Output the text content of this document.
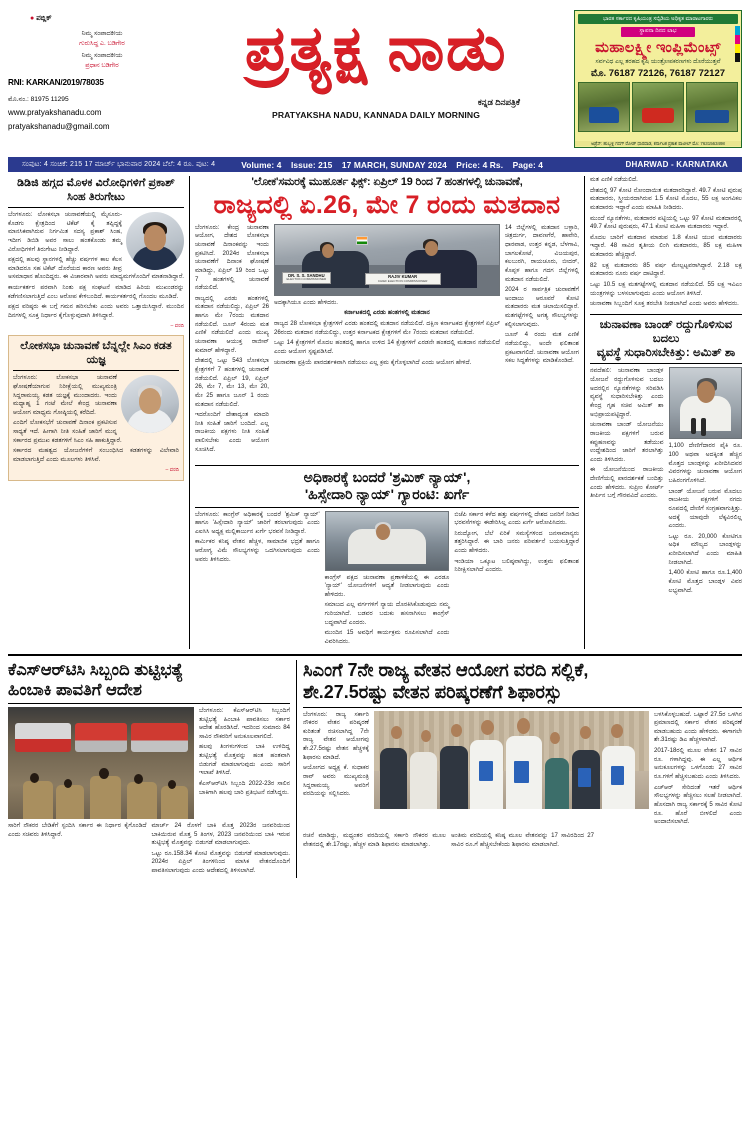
● ಪಬ್ಲಿಕ್
ನಿಮ್ಮ ಸಂಪಾದಕೀಯ
ಗುರುಸಿದ್ಧ ಎ. ಬಡಿಗೇರ
ನಿಮ್ಮ ಸಂಪಾದಕೀಯ
ಪ್ರಧಾನ ಬಡಿಗೇರ
RNI: KARKAN/2019/78035
ಮೊ.ನಂ.: 81975 11295
www.pratyakshanadu.com
pratyakshanadu@gmail.com
ಪ್ರತ್ಯಕ್ಷ ನಾಡು
ಕನ್ನಡ ದಿನಪತ್ರಿಕೆ
PRATYAKSHA NADU, KANNADA DAILY MORNING
ಭಾರತ ಸರ್ಕಾರದ ಕೃಷಿಯಂತ್ರ ಸಬ್ಸಿಡಿಯ ಅಧಿಕೃತ ಮಾರಾಟಗಾರರು
ಸ್ಥಾಪನಾ ದಿನದ ಲಾಭ
ಮಹಾಲಕ್ಷ್ಮೀ ಇಂಪ್ಲಿಮೆಂಟ್ಸ್
ಸರ್ವವಿಧ ಎಲ್ಲ ತರಹದ ಕೃಷಿ ಯಂತ್ರೋಪಕರಣಗಳು ದೊರೆಯುತ್ತವೆ
ಮೊ. 76187 72126, 76187 72127
ಅಡ್ರೆಸ್: ಹುಬ್ಬಳ್ಳಿ ಗದಗ್ ರೋಡ್ ಧಾರವಾಡ, ಕರ್ನಾಟಕ ಪ್ರಕಾಶ ಪಾಟೀಲ್ ಮೊ: 7631563498
ಸಂಪುಟ: 4 ಸಂಚಿಕೆ: 215 17 ಮಾರ್ಚ್ ಭಾನುವಾರ 2024 ಬೆಲೆ: 4 ರೂ. ಪುಟ: 4	Volume: 4 Issue: 215 17 MARCH, SUNDAY 2024 Price: 4 Rs. Page: 4	DHARWAD - KARNATAKA
ಡಿಡಿಜಿ ಹಗ್ಗದ ಮೊಳಕ ವಿರೋಧಿಗಳಿಗೆ ಪ್ರಕಾಶ್ ಸಿಂಹ ತಿರುಗೇಟು

ಬೆಂಗಳೂರು: ಲೋಕಸಭಾ ಚುನಾವಣೆಯಲ್ಲಿ ಮೈಸೂರು-ಕೊಡಗು ಕ್ಷೇತ್ರದಿಂದ ಟಿಕೆಟ್ ಕೈ ತಪ್ಪಿದ್ದಕ್ಕೆ ಮಾನಸಿಕವಾಗಿರುವ ನಿರ್ಗಮಿತ ಸದಸ್ಯ ಪ್ರಕಾಶ್ ಸಿಂಹ, ಇದೀಗ ಡಿಬಿಡಿ ಅವರ ಸಾಲು ಹಂತಕೊಂಡು ತಮ್ಮ ವಿರೋಧಿಗಳಿಗೆ ತಿರುಗೇಟು ನೀಡಿದ್ದಾರೆ.

ಪಕ್ಷದಲ್ಲಿ ಹಲವು ಸ್ಥಾನಗಳಲ್ಲಿ ಹೆಚ್ಚು ವರ್ಷಗಳ ಕಾಲ ಕೆಲಸ ಮಾಡಿದರೂ ಸಹ ಟಿಕೆಟ್ ದೊರೆಯದ ಕಾರಣ ಅವರು ತೀವ್ರ ಅಸಮಾಧಾನ ಹೊಂದಿದ್ದರು. ಈ ವಿಚಾರವಾಗಿ ಅವರು ಮಾಧ್ಯಮಗಳೊಂದಿಗೆ ಮಾತನಾಡಿದ್ದಾರೆ.

ಕಾರ್ಯಕರ್ತರ ಪರವಾಗಿ ನಿಂತು ಪಕ್ಷ ಸಂಘಟನೆ ಮಾಡಿದ ಹಿರಿಯ ಮುಖಂಡರನ್ನು ಕಡೆಗಣಿಸಲಾಗುತ್ತಿದೆ ಎಂಬ ಆರೋಪ ಕೇಳಿಬಂದಿದೆ. ಕಾರ್ಯಕರ್ತರಲ್ಲಿ ಗೊಂದಲ ಮೂಡಿದೆ.

ಪಕ್ಷದ ವರಿಷ್ಠರು ಈ ಬಗ್ಗೆ ಗಮನ ಹರಿಸಬೇಕು ಎಂದು ಅವರು ಒತ್ತಾಯಿಸಿದ್ದಾರೆ. ಮುಂದಿನ ದಿನಗಳಲ್ಲಿ ಸೂಕ್ತ ನಿರ್ಧಾರ ಕೈಗೊಳ್ಳುವುದಾಗಿ ತಿಳಿಸಿದ್ದಾರೆ.

– ವರದಿ

ಲೋಕಸಭಾ ಚುನಾವಣೆ ಬೆನ್ನಲ್ಲೇ ಸಿಎಂ ಕಡತ ಯಜ್ಞ

ಬೆಂಗಳೂರು: ಲೋಕಸಭಾ ಚುನಾವಣೆ ಘೋಷಣೆಯಾಗುವ ನಿರೀಕ್ಷೆಯಲ್ಲಿ ಮುಖ್ಯಮಂತ್ರಿ ಸಿದ್ದರಾಮಯ್ಯ ಕಡತ ಯಜ್ಞಕ್ಕೆ ಮುಂದಾದರು. ಇಂದು ಮಧ್ಯಾಹ್ನ 1 ಗಂಟೆ ಮೇಲೆ ಕೇಂದ್ರ ಚುನಾವಣಾ ಆಯೋಗ ಮಾಧ್ಯಮ ಗೋಷ್ಠಿಯಲ್ಲಿ ಕರೆದಿದೆ.

ಎಂದಿಗೆ ಲೋಕಸಭೆಗೆ ಚುನಾವಣೆ ದಿನಾಂಕ ಪ್ರಕಟಿಸುವ ಸಾಧ್ಯತೆ ಇದೆ. ಹೀಗಾಗಿ ನೀತಿ ಸಂಹಿತೆ ಜಾರಿಗೆ ಮುನ್ನ ಸರ್ಕಾರದ ಪ್ರಮುಖ ಕಡತಗಳಿಗೆ ಸಿಎಂ ಸಹಿ ಹಾಕುತ್ತಿದ್ದಾರೆ.

ಸರ್ಕಾರದ ಮಹತ್ವದ ಯೋಜನೆಗಳಿಗೆ ಸಂಬಂಧಿಸಿದ ಕಡತಗಳನ್ನು ವಿಲೇವಾರಿ ಮಾಡಲಾಗುತ್ತಿದೆ ಎಂದು ಮೂಲಗಳು ತಿಳಿಸಿವೆ.

– ವರದಿ

'ಲೋಕ'ಸಮರಕ್ಕೆ ಮುಹೂರ್ತ ಫಿಕ್ಸ್: ಏಪ್ರಿಲ್ 19 ರಿಂದ 7 ಹಂತಗಳಲ್ಲಿ ಚುನಾವಣೆ,
ರಾಜ್ಯದಲ್ಲಿ ಏ.26, ಮೇ 7 ರಂದು ಮತದಾನ

ಬೆಂಗಳೂರು: ಕೇಂದ್ರ ಚುನಾವಣಾ ಆಯೋಗ, ದೇಶದ ಲೋಕಸಭಾ ಚುನಾವಣೆ ದಿನಾಂಕವನ್ನು ಇಂದು ಪ್ರಕಟಿಸಿದೆ. 2024ರ ಲೋಕಸಭಾ ಚುನಾವಣೆಗೆ ದಿನಾಂಕ ಘೋಷಣೆ ಮಾಡಿದ್ದು, ಏಪ್ರಿಲ್ 19 ರಿಂದ ಒಟ್ಟು 7 ಹಂತಗಳಲ್ಲಿ ಚುನಾವಣೆ ನಡೆಯಲಿದೆ.

ರಾಜ್ಯದಲ್ಲಿ ಎರಡು ಹಂತಗಳಲ್ಲಿ ಮತದಾನ ನಡೆಯಲಿದ್ದು, ಏಪ್ರಿಲ್ 26 ಹಾಗೂ ಮೇ 7ರಂದು ಮತದಾನ ನಡೆಯಲಿದೆ. ಜೂನ್ 4ರಂದು ಮತ ಎಣಿಕೆ ನಡೆಯಲಿದೆ ಎಂದು ಮುಖ್ಯ ಚುನಾವಣಾ ಆಯುಕ್ತ ರಾಜೀವ್ ಕುಮಾರ್ ಹೇಳಿದ್ದಾರೆ.

ದೇಶದಲ್ಲಿ ಒಟ್ಟು 543 ಲೋಕಸಭಾ ಕ್ಷೇತ್ರಗಳಿಗೆ 7 ಹಂತಗಳಲ್ಲಿ ಚುನಾವಣೆ ನಡೆಯಲಿದೆ. ಏಪ್ರಿಲ್ 19, ಏಪ್ರಿಲ್ 26, ಮೇ 7, ಮೇ 13, ಮೇ 20, ಮೇ 25 ಹಾಗೂ ಜೂನ್ 1 ರಂದು ಮತದಾನ ನಡೆಯಲಿದೆ.

ಇದರೊಂದಿಗೆ ದೇಶಾದ್ಯಂತ ಮಾದರಿ ನೀತಿ ಸಂಹಿತೆ ಜಾರಿಗೆ ಬಂದಿದೆ. ಎಲ್ಲ ರಾಜಕೀಯ ಪಕ್ಷಗಳು ನೀತಿ ಸಂಹಿತೆ ಪಾಲಿಸಬೇಕು ಎಂದು ಆಯೋಗ ಸೂಚಿಸಿದೆ.

DR. S. S. SANDHU
ELECTION COMMISSIONER
RAJIV KUMAR
CHIEF ELECTION COMMISSIONER

ಅದಕ್ಕಾಗಿಯೂ ಎಂದು ಹೇಳಿದರು.

ಕರ್ನಾಟಕದಲ್ಲಿ ಎರಡು ಹಂತಗಳಲ್ಲಿ ಮತದಾನ

ರಾಜ್ಯದ 28 ಲೋಕಸಭಾ ಕ್ಷೇತ್ರಗಳಿಗೆ ಎರಡು ಹಂತದಲ್ಲಿ ಮತದಾನ ನಡೆಯಲಿದೆ. ದಕ್ಷಿಣ ಕರ್ನಾಟಕದ ಕ್ಷೇತ್ರಗಳಿಗೆ ಏಪ್ರಿಲ್ 26ರಂದು ಮತದಾನ ನಡೆಯಲಿದ್ದು, ಉತ್ತರ ಕರ್ನಾಟಕದ ಕ್ಷೇತ್ರಗಳಿಗೆ ಮೇ 7ರಂದು ಮತದಾನ ನಡೆಯಲಿದೆ.

ಒಟ್ಟು 14 ಕ್ಷೇತ್ರಗಳಿಗೆ ಮೊದಲ ಹಂತದಲ್ಲಿ ಹಾಗೂ ಉಳಿದ 14 ಕ್ಷೇತ್ರಗಳಿಗೆ ಎರಡನೇ ಹಂತದಲ್ಲಿ ಮತದಾನ ನಡೆಯಲಿದೆ ಎಂದು ಆಯೋಗ ಸ್ಪಷ್ಟಪಡಿಸಿದೆ.

ಚುನಾವಣಾ ಪ್ರಕ್ರಿಯೆ ಪಾರದರ್ಶಕವಾಗಿ ನಡೆಯಲು ಎಲ್ಲ ಕ್ರಮ ಕೈಗೊಳ್ಳಲಾಗಿದೆ ಎಂದು ಆಯೋಗ ಹೇಳಿದೆ.

14 ಜಿಲ್ಲೆಗಳಲ್ಲಿ ಮತದಾನ ಬಳ್ಳಾರಿ, ಚಿತ್ರದುರ್ಗ, ದಾವಣಗೆರೆ, ಹಾವೇರಿ, ಧಾರವಾಡ, ಉತ್ತರ ಕನ್ನಡ, ಬೆಳಗಾವಿ, ಬಾಗಲಕೋಟೆ, ವಿಜಯಪುರ, ಕಲಬುರಗಿ, ರಾಯಚೂರು, ಬೀದರ್, ಕೊಪ್ಪಳ ಹಾಗೂ ಗದಗ ಜಿಲ್ಲೆಗಳಲ್ಲಿ ಮತದಾನ ನಡೆಯಲಿದೆ.

2024 ರ ಸಾರ್ವತ್ರಿಕ ಚುನಾವಣೆಗೆ ಅಂದಾಜು ಆರೂವರೆ ಕೋಟಿ ಮತದಾರರು ಮತ ಚಲಾಯಿಸಲಿದ್ದಾರೆ. ಮತಗಟ್ಟೆಗಳಲ್ಲಿ ಅಗತ್ಯ ಸೌಲಭ್ಯಗಳನ್ನು ಕಲ್ಪಿಸಲಾಗುವುದು.

ಜೂನ್ 4 ರಂದು ಮತ ಎಣಿಕೆ ನಡೆಯಲಿದ್ದು, ಅಂದೇ ಫಲಿತಾಂಶ ಪ್ರಕಟವಾಗಲಿದೆ. ಚುನಾವಣಾ ಆಯೋಗ ಸಕಲ ಸಿದ್ಧತೆಗಳನ್ನು ಮಾಡಿಕೊಂಡಿದೆ.

ಅಧಿಕಾರಕ್ಕೆ ಬಂದರೆ 'ಶ್ರಮಿಕ್ ನ್ಯಾಯ್',
'ಹಿಸ್ಸೇದಾರಿ ನ್ಯಾಯ್' ಗ್ಯಾರಂಟಿ: ಖರ್ಗೆ

ಬೆಂಗಳೂರು: ಕಾಂಗ್ರೆಸ್ ಅಧಿಕಾರಕ್ಕೆ ಬಂದರೆ 'ಶ್ರಮಿಕ್ ನ್ಯಾಯ್' ಹಾಗೂ 'ಹಿಸ್ಸೇದಾರಿ ನ್ಯಾಯ್' ಜಾರಿಗೆ ತರಲಾಗುವುದು ಎಂದು ಎಐಸಿಸಿ ಅಧ್ಯಕ್ಷ ಮಲ್ಲಿಕಾರ್ಜುನ ಖರ್ಗೆ ಭರವಸೆ ನೀಡಿದ್ದಾರೆ.

ಕಾರ್ಮಿಕರ ಕನಿಷ್ಠ ವೇತನ ಹೆಚ್ಚಳ, ಸಾಮಾಜಿಕ ಭದ್ರತೆ ಹಾಗೂ ಆರೋಗ್ಯ ವಿಮೆ ಸೌಲಭ್ಯಗಳನ್ನು ಒದಗಿಸಲಾಗುವುದು ಎಂದು ಅವರು ತಿಳಿಸಿದರು.

ಕಾಂಗ್ರೆಸ್ ಪಕ್ಷದ ಚುನಾವಣಾ ಪ್ರಣಾಳಿಕೆಯಲ್ಲಿ ಈ ಎರಡೂ 'ನ್ಯಾಯ್' ಯೋಜನೆಗಳಿಗೆ ಆದ್ಯತೆ ನೀಡಲಾಗುವುದು ಎಂದು ಹೇಳಿದರು.

ಸಮಾಜದ ಎಲ್ಲ ವರ್ಗಗಳಿಗೆ ನ್ಯಾಯ ದೊರಕಿಸಿಕೊಡುವುದು ನಮ್ಮ ಗುರಿಯಾಗಿದೆ. ಬಡವರ ಬದುಕು ಹಸನಾಗಿಸಲು ಕಾಂಗ್ರೆಸ್ ಬದ್ಧವಾಗಿದೆ ಎಂದರು.

ಮುಂದಿನ 15 ಅವಧಿಗೆ ಕಾರ್ಯಕ್ರಮ ರೂಪಿಸಲಾಗಿದೆ ಎಂದು ವಿವರಿಸಿದರು.

ಬಿಜೆಪಿ ಸರ್ಕಾರ ಕಳೆದ ಹತ್ತು ವರ್ಷಗಳಲ್ಲಿ ದೇಶದ ಜನರಿಗೆ ನೀಡಿದ ಭರವಸೆಗಳನ್ನು ಈಡೇರಿಸಿಲ್ಲ ಎಂದು ಖರ್ಗೆ ಆರೋಪಿಸಿದರು.

ನಿರುದ್ಯೋಗ, ಬೆಲೆ ಏರಿಕೆ ಸಮಸ್ಯೆಗಳಿಂದ ಜನಸಾಮಾನ್ಯರು ತತ್ತರಿಸಿದ್ದಾರೆ. ಈ ಬಾರಿ ಜನರು ಪರಿವರ್ತನೆ ಬಯಸುತ್ತಿದ್ದಾರೆ ಎಂದು ಹೇಳಿದರು.

ಇಂಡಿಯಾ ಒಕ್ಕೂಟ ಬಲಿಷ್ಠವಾಗಿದ್ದು, ಉತ್ತಮ ಫಲಿತಾಂಶ ನಿರೀಕ್ಷಿಸಲಾಗಿದೆ ಎಂದರು.

ಮತ ಎಣಿಕೆ ನಡೆಯಲಿದೆ.

ದೇಶದಲ್ಲಿ 97 ಕೋಟಿ ನೋಂದಾಯಿತ ಮತದಾರರಿದ್ದಾರೆ. 49.7 ಕೋಟಿ ಪುರುಷ ಮತದಾರರು, ಸ್ತ್ರೀಯರದಾಗಿರುವ 1.5 ಕೋಟಿ ಮೊದಲ, 55 ಲಕ್ಷ ಅಂಗವಿಕಲ ಮತದಾರರು ಇದ್ದಾರೆ ಎಂದು ಮಾಹಿತಿ ನೀಡಿದರು.

ಮುಂದೆ ನ್ಯೂನತೆಗಳು, ಮತದಾರರ ಪಟ್ಟಿಯಲ್ಲಿ ಒಟ್ಟು 97 ಕೋಟಿ ಮತದಾರರಲ್ಲಿ 49.7 ಕೋಟಿ ಪುರುಷರು, 47.1 ಕೋಟಿ ಮಹಿಳಾ ಮತದಾರರು ಇದ್ದಾರೆ.

ಮೊದಲ ಬಾರಿಗೆ ಮತದಾನ ಮಾಡುವ 1.8 ಕೋಟಿ ಯುವ ಮತದಾರರು ಇದ್ದಾರೆ. 48 ಸಾವಿರ ತೃತೀಯ ಲಿಂಗಿ ಮತದಾರರು, 85 ಲಕ್ಷ ಮಹಿಳಾ ಮತದಾರರು ಹೆಚ್ಚಿದ್ದಾರೆ.

82 ಲಕ್ಷ ಮತದಾರರು 85 ವರ್ಷ ಮೇಲ್ಪಟ್ಟವರಾಗಿದ್ದಾರೆ. 2.18 ಲಕ್ಷ ಮತದಾರರು ನೂರು ವರ್ಷ ದಾಟಿದ್ದಾರೆ.

ಒಟ್ಟು 10.5 ಲಕ್ಷ ಮತಗಟ್ಟೆಗಳಲ್ಲಿ ಮತದಾನ ನಡೆಯಲಿದೆ. 55 ಲಕ್ಷ ಇವಿಎಂ ಯಂತ್ರಗಳನ್ನು ಬಳಸಲಾಗುವುದು ಎಂದು ಆಯೋಗ ತಿಳಿಸಿದೆ.

ಚುನಾವಣಾ ಸಿಬ್ಬಂದಿಗೆ ಸೂಕ್ತ ತರಬೇತಿ ನೀಡಲಾಗಿದೆ ಎಂದು ಅವರು ಹೇಳಿದರು.

ಚುನಾವಣಾ ಬಾಂಡ್ ರದ್ದುಗೊಳಿಸುವ ಬದಲು
ವ್ಯವಸ್ಥೆ ಸುಧಾರಿಸಬೇಕಿತ್ತು: ಅಮಿತ್ ಶಾ

ನವದೆಹಲಿ: ಚುನಾವಣಾ ಬಾಂಡ್ಗಳ ಯೋಜನೆ ರದ್ದುಗೊಳಿಸುವ ಬದಲು ಅದರಲ್ಲಿನ ನ್ಯೂನತೆಗಳನ್ನು ಸರಿಪಡಿಸಿ ವ್ಯವಸ್ಥೆ ಸುಧಾರಿಸಬೇಕಿತ್ತು ಎಂದು ಕೇಂದ್ರ ಗೃಹ ಸಚಿವ ಅಮಿತ್ ಶಾ ಅಭಿಪ್ರಾಯಪಟ್ಟಿದ್ದಾರೆ.

ಚುನಾವಣಾ ಬಾಂಡ್ ಯೋಜನೆಯು ರಾಜಕೀಯ ಪಕ್ಷಗಳಿಗೆ ಬರುವ ಕಪ್ಪುಹಣವನ್ನು ತಡೆಯುವ ಉದ್ದೇಶದಿಂದ ಜಾರಿಗೆ ತರಲಾಗಿತ್ತು ಎಂದು ತಿಳಿಸಿದರು.

ಈ ಯೋಜನೆಯಿಂದ ರಾಜಕೀಯ ದೇಣಿಗೆಯಲ್ಲಿ ಪಾರದರ್ಶಕತೆ ಬಂದಿತ್ತು ಎಂದು ಹೇಳಿದರು. ಸುಪ್ರೀಂ ಕೋರ್ಟ್ ತೀರ್ಪಿನ ಬಗ್ಗೆ ಗೌರವವಿದೆ ಎಂದರು.

1,100 ದೇಣಿಗೆದಾರರ ಪೈಕಿ ರೂ. 100 ಅಥವಾ ಅದಕ್ಕಿಂತ ಹೆಚ್ಚಿನ ಮೊತ್ತದ ಬಾಂಡ್ಗಳನ್ನು ಖರೀದಿಸಿದವರ ವಿವರಗಳನ್ನು ಚುನಾವಣಾ ಆಯೋಗ ಬಹಿರಂಗಗೊಳಿಸಿದೆ.

ಬಾಂಡ್ ಯೋಜನೆ ಬರುವ ಮೊದಲು ರಾಜಕೀಯ ಪಕ್ಷಗಳಿಗೆ ನಗದು ರೂಪದಲ್ಲಿ ದೇಣಿಗೆ ಸಂಗ್ರಹವಾಗುತ್ತಿತ್ತು. ಅದಕ್ಕೆ ಯಾವುದೇ ಲೆಕ್ಕವಿರಲಿಲ್ಲ ಎಂದರು.

ಒಟ್ಟು ರೂ. 20,000 ಕೋಟಿಗೂ ಅಧಿಕ ಮೌಲ್ಯದ ಬಾಂಡ್ಗಳನ್ನು ಖರೀದಿಸಲಾಗಿದೆ ಎಂದು ಮಾಹಿತಿ ನೀಡಲಾಗಿದೆ.

1,400 ಕೋಟಿ ಹಾಗೂ ರೂ.1,400 ಕೋಟಿ ಮೊತ್ತದ ಬಾಂಡ್ಗಳ ವಿವರ ಲಭ್ಯವಾಗಿದೆ.

ಕೆಎಸ್ಆರ್‌ಟಿಸಿ ಸಿಬ್ಬಂದಿ ತುಟ್ಟಿಭತ್ಯೆ
ಹಿಂಬಾಕಿ ಪಾವತಿಗೆ ಆದೇಶ

ಬೆಂಗಳೂರು: ಕೆಎಸ್ಆರ್‌ಟಿಸಿ ಸಿಬ್ಬಂದಿಗೆ ತುಟ್ಟಿಭತ್ಯೆ ಹಿಂಬಾಕಿ ಪಾವತಿಸಲು ಸರ್ಕಾರ ಆದೇಶ ಹೊರಡಿಸಿದೆ. ಇದರಿಂದ ಸುಮಾರು 84 ಸಾವಿರ ನೌಕರರಿಗೆ ಅನುಕೂಲವಾಗಲಿದೆ.

ಹಲವು ತಿಂಗಳುಗಳಿಂದ ಬಾಕಿ ಉಳಿದಿದ್ದ ತುಟ್ಟಿಭತ್ಯೆ ಮೊತ್ತವನ್ನು ಹಂತ ಹಂತವಾಗಿ ಬಿಡುಗಡೆ ಮಾಡಲಾಗುವುದು ಎಂದು ಸಾರಿಗೆ ಇಲಾಖೆ ತಿಳಿಸಿದೆ.

ಕೆಎಸ್ಆರ್‌ಟಿಸಿ ಸಿಬ್ಬಂದಿ 2022-23ರ ಸಾಲಿನ ಬಾಕಿಗಾಗಿ ಹಲವು ಬಾರಿ ಪ್ರತಿಭಟನೆ ನಡೆಸಿದ್ದರು.

ಸಾರಿಗೆ ನೌಕರರ ಬೇಡಿಕೆಗೆ ಸ್ಪಂದಿಸಿ ಸರ್ಕಾರ ಈ ನಿರ್ಧಾರ ಕೈಗೊಂಡಿದೆ ಎಂದು ಸಚಿವರು ತಿಳಿಸಿದ್ದಾರೆ.

ಮಾರ್ಚ್ 24 ರೊಳಗೆ ಬಾಕಿ ಮೊತ್ತ 2023ರ ಜನವರಿಯಿಂದ ಬಾಕಿಯಿರುವ ಮೊತ್ತ 5 ತಿಂಗಳ, 2023 ಜನವರಿಯಿಂದ ಬಾಕಿ ಇರುವ ತುಟ್ಟಿಭತ್ಯೆ ಮೊತ್ತವನ್ನು ಬಿಡುಗಡೆ ಮಾಡಲಾಗುವುದು.

ಒಟ್ಟು ರೂ.158.34 ಕೋಟಿ ಮೊತ್ತವನ್ನು ಬಿಡುಗಡೆ ಮಾಡಲಾಗುವುದು. 2024ರ ಏಪ್ರಿಲ್ ತಿಂಗಳಿನಿಂದ ಮಾಸಿಕ ವೇತನದೊಂದಿಗೆ ಪಾವತಿಸಲಾಗುವುದು ಎಂದು ಆದೇಶದಲ್ಲಿ ತಿಳಿಸಲಾಗಿದೆ.

ಸಿಎಂಗೆ 7ನೇ ರಾಜ್ಯ ವೇತನ ಆಯೋಗ ವರದಿ ಸಲ್ಲಿಕೆ,
ಶೇ.27.5ರಷ್ಟು ವೇತನ ಪರಿಷ್ಕರಣೆಗೆ ಶಿಫಾರಸ್ಸು

ಬೆಂಗಳೂರು: ರಾಜ್ಯ ಸರ್ಕಾರಿ ನೌಕರರ ವೇತನ ಪರಿಷ್ಕರಣೆ ಕುರಿತಂತೆ ರಚಿಸಲಾಗಿದ್ದ 7ನೇ ರಾಜ್ಯ ವೇತನ ಆಯೋಗವು ಶೇ.27.5ರಷ್ಟು ವೇತನ ಹೆಚ್ಚಳಕ್ಕೆ ಶಿಫಾರಸು ಮಾಡಿದೆ.

ಆಯೋಗದ ಅಧ್ಯಕ್ಷ ಕೆ. ಸುಧಾಕರ ರಾವ್ ಅವರು ಮುಖ್ಯಮಂತ್ರಿ ಸಿದ್ದರಾಮಯ್ಯ ಅವರಿಗೆ ವರದಿಯನ್ನು ಸಲ್ಲಿಸಿದರು.

ಬಳಸಿಕೊಳ್ಳಬಹುದೆ. ಒಟ್ಟಾರೆ 27.5ರ ಒಳಗಿನ ಪ್ರಮಾಣದಲ್ಲಿ ಸರ್ಕಾರ ವೇತನ ಪರಿಷ್ಕರಣೆ ಮಾಡಬಹುದು ಎಂದು ಹೇಳಿದರು. ಈಗಾಗಲೇ ಶೇ.31ರಷ್ಟು ಡಿಎ ಹೆಚ್ಚಳವಾಗಿದೆ.

2017-18ರಲ್ಲಿ ಮೂಲ ವೇತನ 17 ಸಾವಿರ ರೂ. ಗಳಾಗಿದ್ದವು. ಈ ಎಲ್ಲ ಆರ್ಥಿಕ ಅನುಕೂಲಗಳನ್ನು ಒಳಗೊಂಡು 27 ಸಾವಿರ ರೂ.ಗಳಿಗೆ ಹೆಚ್ಚಿಸಬಹುದು ಎಂದು ತಿಳಿಸಿದರು.

ಎಚ್ಆರ್ ಸೇರಿದಂತೆ ಇತರೆ ಆರ್ಥಿಕ ಸೌಲಭ್ಯಗಳನ್ನು ಹೆಚ್ಚಿಸಲು ಸಲಹೆ ನೀಡಲಾಗಿದೆ. ಹೊಸದಾಗಿ ರಾಜ್ಯ ಸರ್ಕಾರಕ್ಕೆ 5 ಸಾವಿರ ಕೋಟಿ ರೂ. ಹೊರೆ ಬೀಳಲಿದೆ ಎಂದು ಅಂದಾಜಿಸಲಾಗಿದೆ.

ರಚನೆ ಮಾಡಿದ್ದು, ಮಧ್ಯಂತರ ವರದಿಯಲ್ಲಿ ಸರ್ಕಾರಿ ನೌಕರರ ಮೂಲ ವೇತನದಲ್ಲಿ ಶೇ.17ರಷ್ಟು, ಹೆಚ್ಚಳ ಮಾಡಿ ಶಿಫಾರಸು ಮಾಡಲಾಗಿತ್ತು.

ಅಂತಿಮ ವರದಿಯಲ್ಲಿ ಕನಿಷ್ಠ ಮೂಲ ವೇತನವನ್ನು 17 ಸಾವಿರದಿಂದ 27 ಸಾವಿರ ರೂ.ಗೆ ಹೆಚ್ಚಿಸಬೇಕೆಂದು ಶಿಫಾರಸು ಮಾಡಲಾಗಿದೆ.
